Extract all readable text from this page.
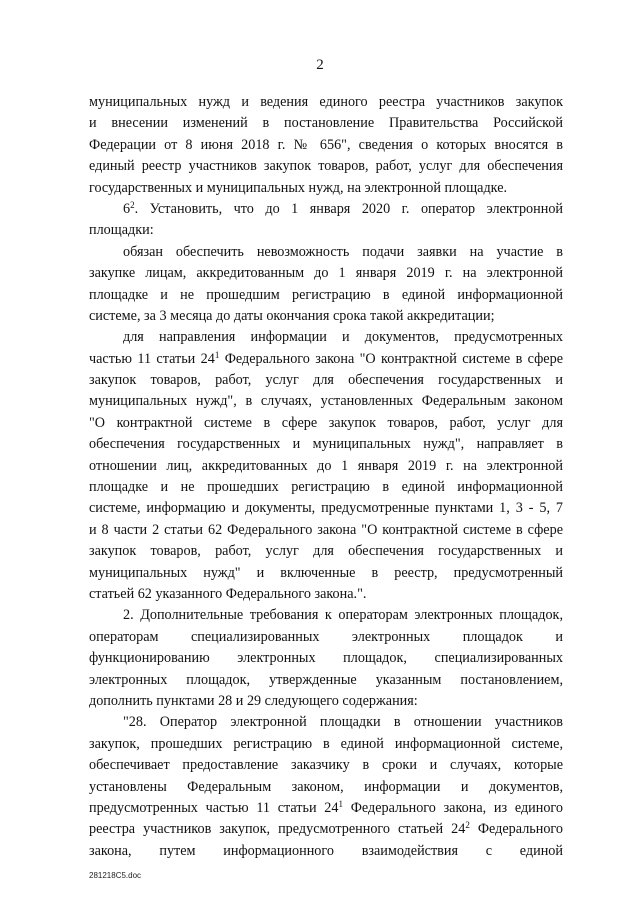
2
муниципальных нужд и ведения единого реестра участников закупок
и внесении изменений в постановление Правительства Российской
Федерации от 8 июня 2018 г. № 656", сведения о которых вносятся в
единый реестр участников закупок товаров, работ, услуг для обеспечения
государственных и муниципальных нужд, на электронной площадке.
$6^2$. Установить, что до 1 января 2020 г. оператор электронной
площадки:
обязан обеспечить невозможность подачи заявки на участие в
закупке лицам, аккредитованным до 1 января 2019 г. на электронной
площадке и не прошедшим регистрацию в единой информационной
системе, за 3 месяца до даты окончания срока такой аккредитации;
для направления информации и документов, предусмотренных
частью 11 статьи $24^1$ Федерального закона "О контрактной системе в сфере
закупок товаров, работ, услуг для обеспечения государственных и
муниципальных нужд", в случаях, установленных Федеральным законом
"О контрактной системе в сфере закупок товаров, работ, услуг для
обеспечения государственных и муниципальных нужд", направляет в
отношении лиц, аккредитованных до 1 января 2019 г. на электронной
площадке и не прошедших регистрацию в единой информационной
системе, информацию и документы, предусмотренные пунктами 1, 3 - 5, 7
и 8 части 2 статьи 62 Федерального закона "О контрактной системе в сфере
закупок товаров, работ, услуг для обеспечения государственных и
муниципальных нужд" и включенные в реестр, предусмотренный
статьей 62 указанного Федерального закона.".
2. Дополнительные требования к операторам электронных площадок,
операторам специализированных электронных площадок и
функционированию электронных площадок, специализированных
электронных площадок, утвержденные указанным постановлением,
дополнить пунктами 28 и 29 следующего содержания:
"28. Оператор электронной площадки в отношении участников
закупок, прошедших регистрацию в единой информационной системе,
обеспечивает предоставление заказчику в сроки и случаях, которые
установлены Федеральным законом, информации и документов,
предусмотренных частью 11 статьи $24^1$ Федерального закона, из единого
реестра участников закупок, предусмотренного статьей $24^2$ Федерального
закона, путем информационного взаимодействия с единой
281218C5.doc
